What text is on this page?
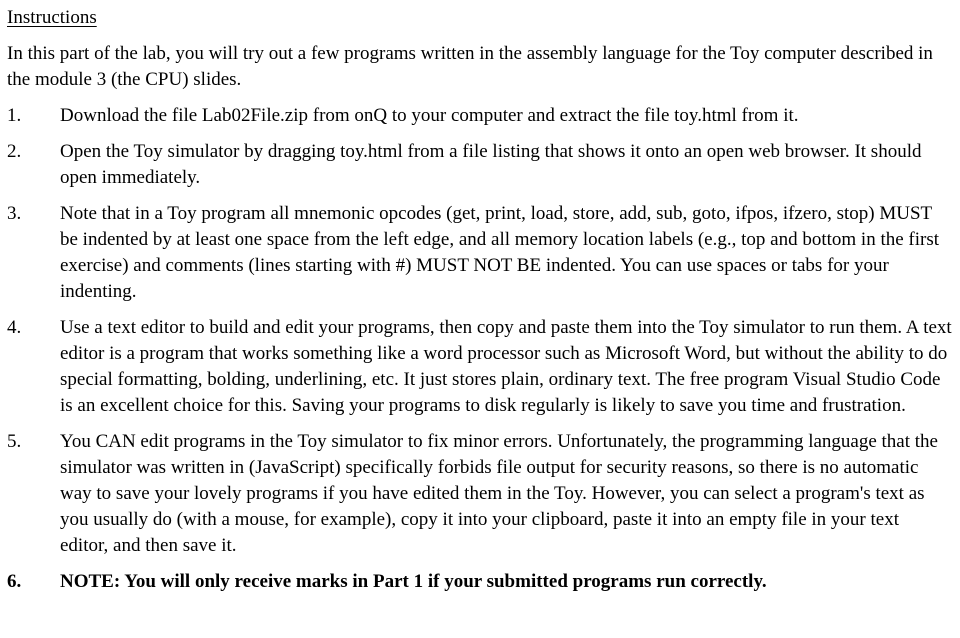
Instructions

In this part of the lab, you will try out a few programs written in the assembly language for the Toy computer described in the module 3 (the CPU) slides.

1.	Download the file Lab02File.zip from onQ to your computer and extract the file toy.html from it.
2.	Open the Toy simulator by dragging toy.html from a file listing that shows it onto an open web browser. It should open immediately.
3.	Note that in a Toy program all mnemonic opcodes (get, print, load, store, add, sub, goto, ifpos, ifzero, stop) MUST be indented by at least one space from the left edge, and all memory location labels (e.g., top and bottom in the first exercise) and comments (lines starting with #) MUST NOT BE indented. You can use spaces or tabs for your indenting.
4.	Use a text editor to build and edit your programs, then copy and paste them into the Toy simulator to run them. A text editor is a program that works something like a word processor such as Microsoft Word, but without the ability to do special formatting, bolding, underlining, etc. It just stores plain, ordinary text. The free program Visual Studio Code is an excellent choice for this. Saving your programs to disk regularly is likely to save you time and frustration.
5.	You CAN edit programs in the Toy simulator to fix minor errors. Unfortunately, the programming language that the simulator was written in (JavaScript) specifically forbids file output for security reasons, so there is no automatic way to save your lovely programs if you have edited them in the Toy. However, you can select a program's text as you usually do (with a mouse, for example), copy it into your clipboard, paste it into an empty file in your text editor, and then save it.
6.	NOTE: You will only receive marks in Part 1 if your submitted programs run correctly.
